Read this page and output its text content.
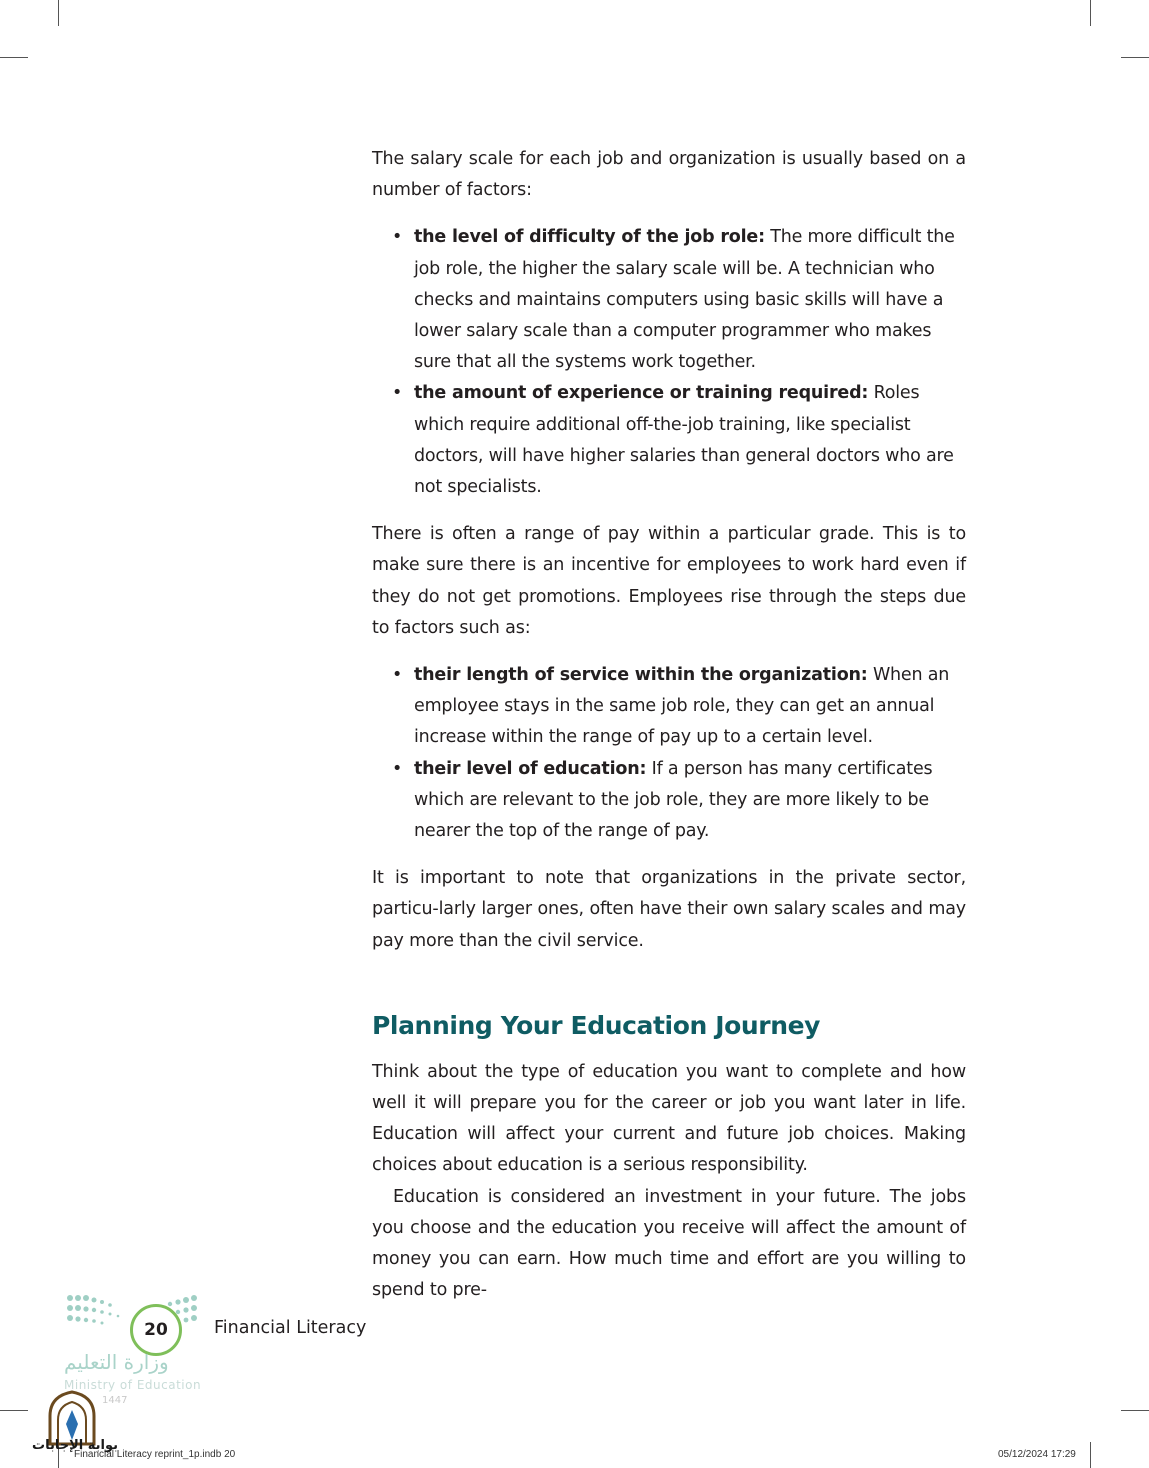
The salary scale for each job and organization is usually based on a number of factors:

• the level of difficulty of the job role: The more difficult the job role, the higher the salary scale will be. A technician who checks and maintains computers using basic skills will have a lower salary scale than a computer programmer who makes sure that all the systems work together.
• the amount of experience or training required: Roles which require additional off-the-job training, like specialist doctors, will have higher salaries than general doctors who are not specialists.

There is often a range of pay within a particular grade. This is to make sure there is an incentive for employees to work hard even if they do not get promotions. Employees rise through the steps due to factors such as:

• their length of service within the organization: When an employee stays in the same job role, they can get an annual increase within the range of pay up to a certain level.
• their level of education: If a person has many certificates which are relevant to the job role, they are more likely to be nearer the top of the range of pay.

It is important to note that organizations in the private sector, particu-larly larger ones, often have their own salary scales and may pay more than the civil service.

Planning Your Education Journey

Think about the type of education you want to complete and how well it will prepare you for the career or job you want later in life. Education will affect your current and future job choices. Making choices about education is a serious responsibility.

Education is considered an investment in your future. The jobs you choose and the education you receive will affect the amount of money you can earn. How much time and effort are you willing to spend to pre-

20	Financial Literacy
وزارة التعليم
Ministry of Education
1447
بوابة الإجابات
Financial Literacy reprint_1p.indb 20	05/12/2024 17:29
